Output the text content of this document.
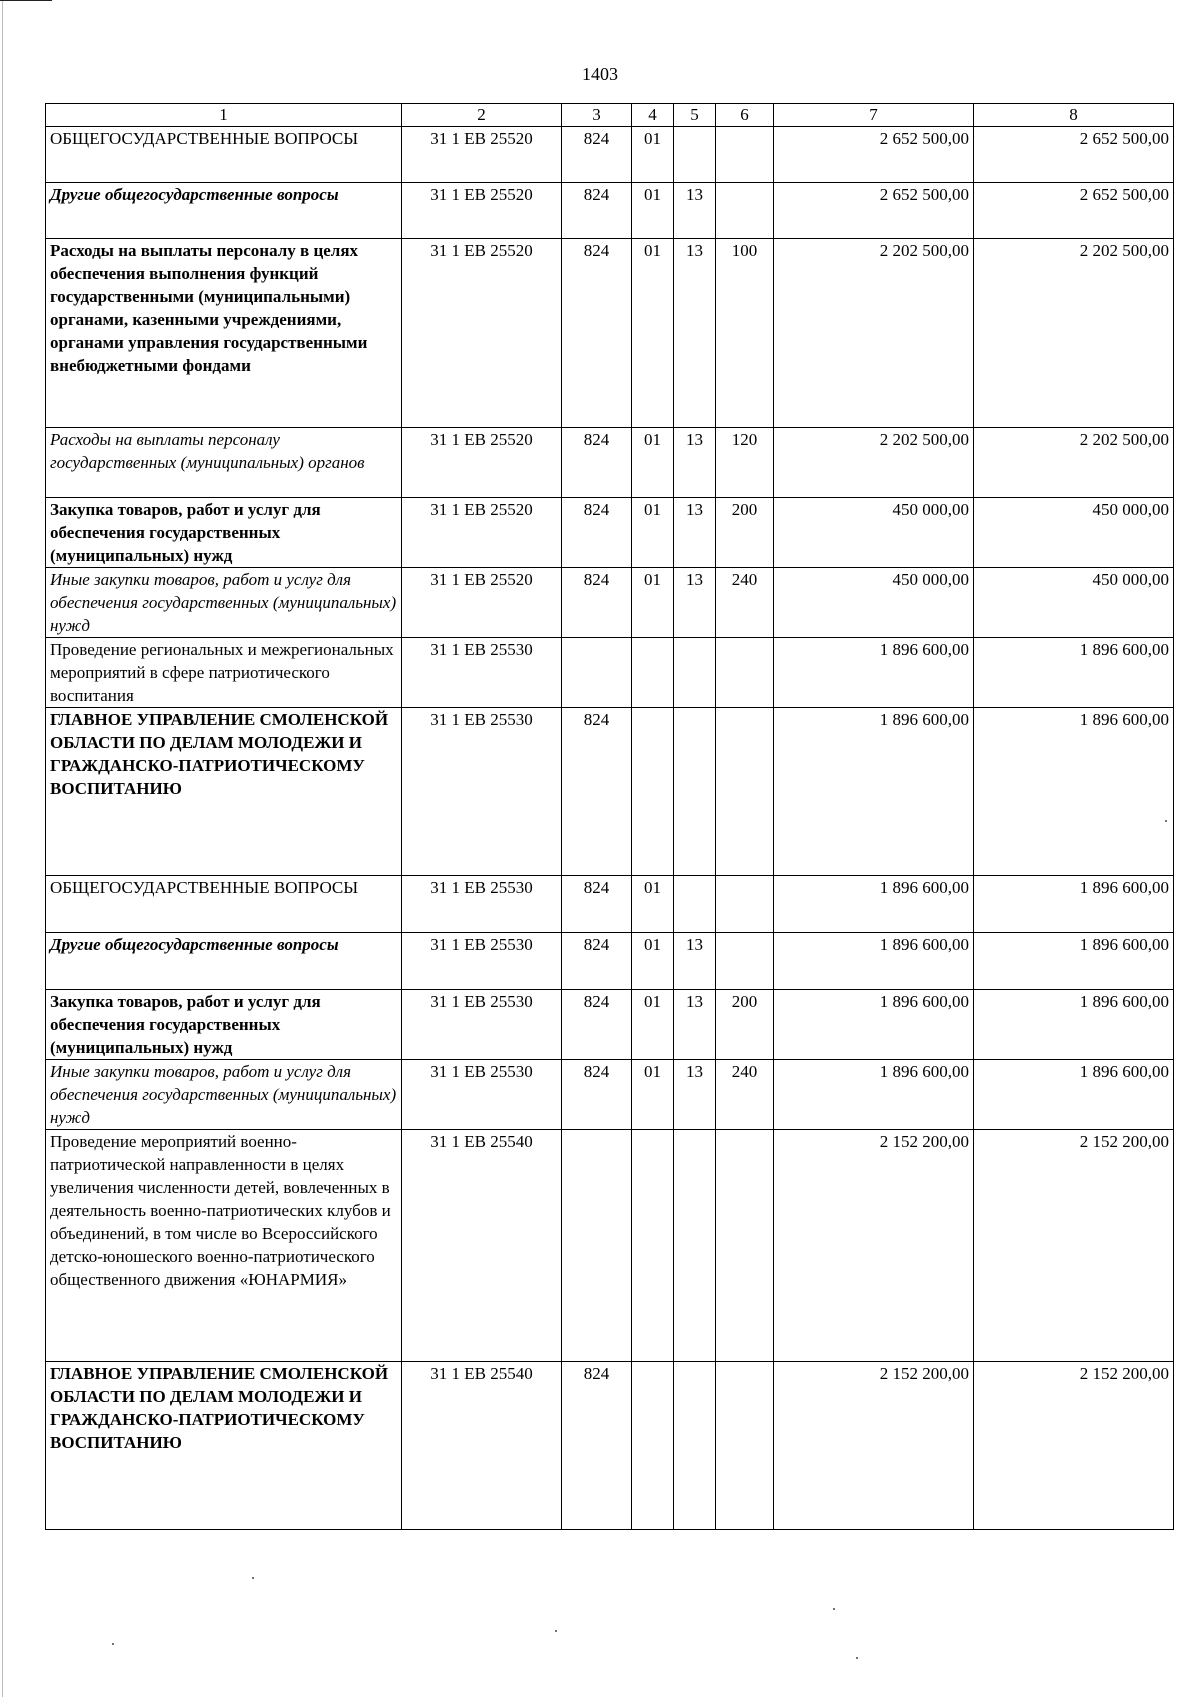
1403
1	2	3	4	5	6	7	8
ОБЩЕГОСУДАРСТВЕННЫЕ ВОПРОСЫ	31 1 ЕВ 25520	824	01			2 652 500,00	2 652 500,00
Другие общегосударственные вопросы	31 1 ЕВ 25520	824	01	13		2 652 500,00	2 652 500,00
Расходы на выплаты персоналу в целях обеспечения выполнения функций государственными (муниципальными) органами, казенными учреждениями, органами управления государственными внебюджетными фондами	31 1 ЕВ 25520	824	01	13	100	2 202 500,00	2 202 500,00
Расходы на выплаты персоналу государственных (муниципальных) органов	31 1 ЕВ 25520	824	01	13	120	2 202 500,00	2 202 500,00
Закупка товаров, работ и услуг для обеспечения государственных (муниципальных) нужд	31 1 ЕВ 25520	824	01	13	200	450 000,00	450 000,00
Иные закупки товаров, работ и услуг для обеспечения государственных (муниципальных) нужд	31 1 ЕВ 25520	824	01	13	240	450 000,00	450 000,00
Проведение региональных и межрегиональных мероприятий в сфере патриотического воспитания	31 1 ЕВ 25530					1 896 600,00	1 896 600,00
ГЛАВНОЕ УПРАВЛЕНИЕ СМОЛЕНСКОЙ ОБЛАСТИ ПО ДЕЛАМ МОЛОДЕЖИ И ГРАЖДАНСКО-ПАТРИОТИЧЕСКОМУ ВОСПИТАНИЮ	31 1 ЕВ 25530	824				1 896 600,00	1 896 600,00
ОБЩЕГОСУДАРСТВЕННЫЕ ВОПРОСЫ	31 1 ЕВ 25530	824	01			1 896 600,00	1 896 600,00
Другие общегосударственные вопросы	31 1 ЕВ 25530	824	01	13		1 896 600,00	1 896 600,00
Закупка товаров, работ и услуг для обеспечения государственных (муниципальных) нужд	31 1 ЕВ 25530	824	01	13	200	1 896 600,00	1 896 600,00
Иные закупки товаров, работ и услуг для обеспечения государственных (муниципальных) нужд	31 1 ЕВ 25530	824	01	13	240	1 896 600,00	1 896 600,00
Проведение мероприятий военно-патриотической направленности в целях увеличения численности детей, вовлеченных в деятельность военно-патриотических клубов и объединений, в том числе во Всероссийского детско-юношеского военно-патриотического общественного движения «ЮНАРМИЯ»	31 1 ЕВ 25540					2 152 200,00	2 152 200,00
ГЛАВНОЕ УПРАВЛЕНИЕ СМОЛЕНСКОЙ ОБЛАСТИ ПО ДЕЛАМ МОЛОДЕЖИ И ГРАЖДАНСКО-ПАТРИОТИЧЕСКОМУ ВОСПИТАНИЮ	31 1 ЕВ 25540	824				2 152 200,00	2 152 200,00
